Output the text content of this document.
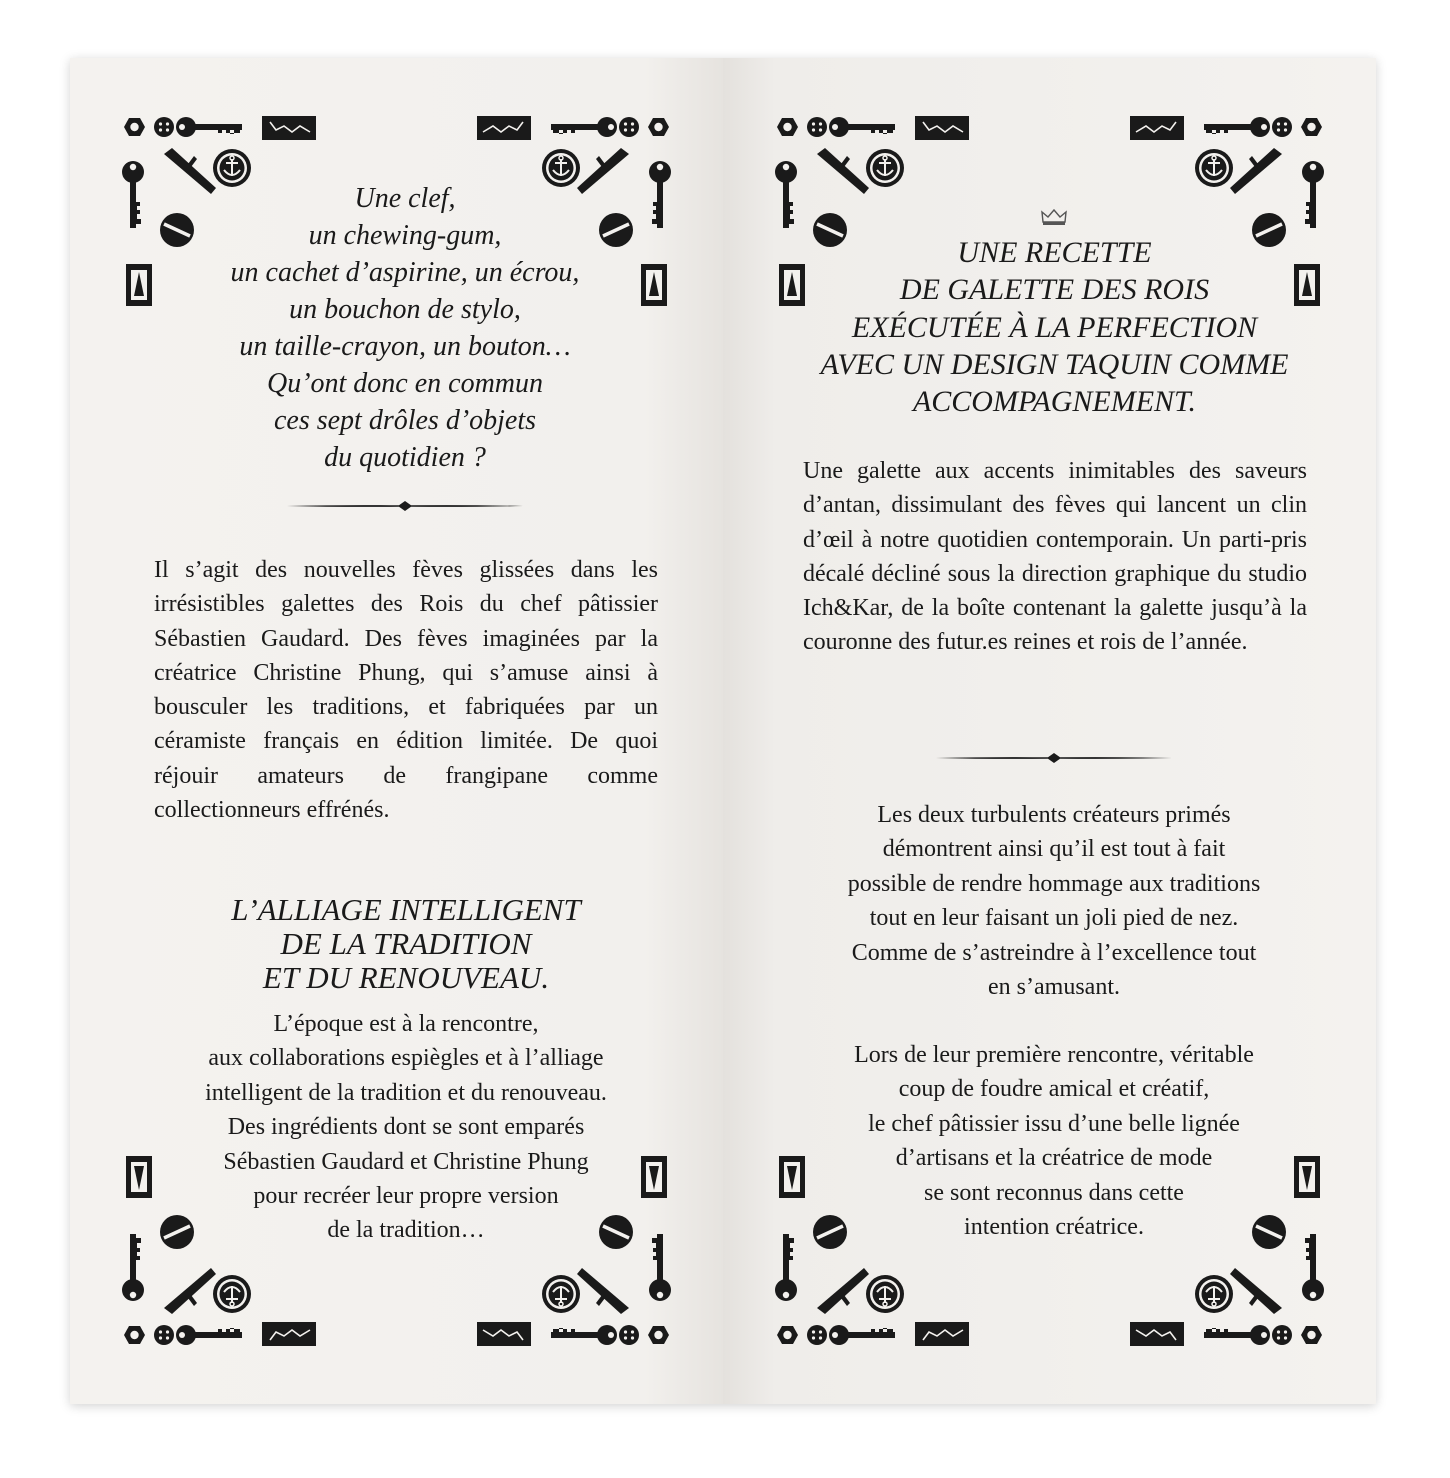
Une clef,
un chewing-gum,
un cachet d’aspirine, un écrou,
un bouchon de stylo,
un taille-crayon, un bouton…
Qu’ont donc en commun
ces sept drôles d’objets
du quotidien ?
Il s’agit des nouvelles fèves glissées dans les irrésistibles galettes des Rois du chef pâtissier Sébastien Gaudard. Des fèves imaginées par la créatrice Christine Phung, qui s’amuse ainsi à bousculer les traditions, et fabriquées par un céramiste français en édition limitée. De quoi réjouir amateurs de frangipane comme collectionneurs effrénés.
L’ALLIAGE INTELLIGENT
DE LA TRADITION
ET DU RENOUVEAU.
L’époque est à la rencontre,
aux collaborations espiègles et à l’alliage
intelligent de la tradition et du renouveau.
Des ingrédients dont se sont emparés
Sébastien Gaudard et Christine Phung
pour recréer leur propre version
de la tradition…
UNE RECETTE
DE GALETTE DES ROIS
EXÉCUTÉE À LA PERFECTION
AVEC UN DESIGN TAQUIN COMME
ACCOMPAGNEMENT.
Une galette aux accents inimitables des saveurs d’antan, dissimulant des fèves qui lancent un clin d’œil à notre quotidien contemporain. Un parti-pris décalé décliné sous la direction graphique du studio Ich&Kar, de la boîte contenant la galette jusqu’à la couronne des futur.es reines et rois de l’année.
Les deux turbulents créateurs primés
démontrent ainsi qu’il est tout à fait
possible de rendre hommage aux traditions
tout en leur faisant un joli pied de nez.
Comme de s’astreindre à l’excellence tout
en s’amusant.
Lors de leur première rencontre, véritable
coup de foudre amical et créatif,
le chef pâtissier issu d’une belle lignée
d’artisans et la créatrice de mode
se sont reconnus dans cette
intention créatrice.
